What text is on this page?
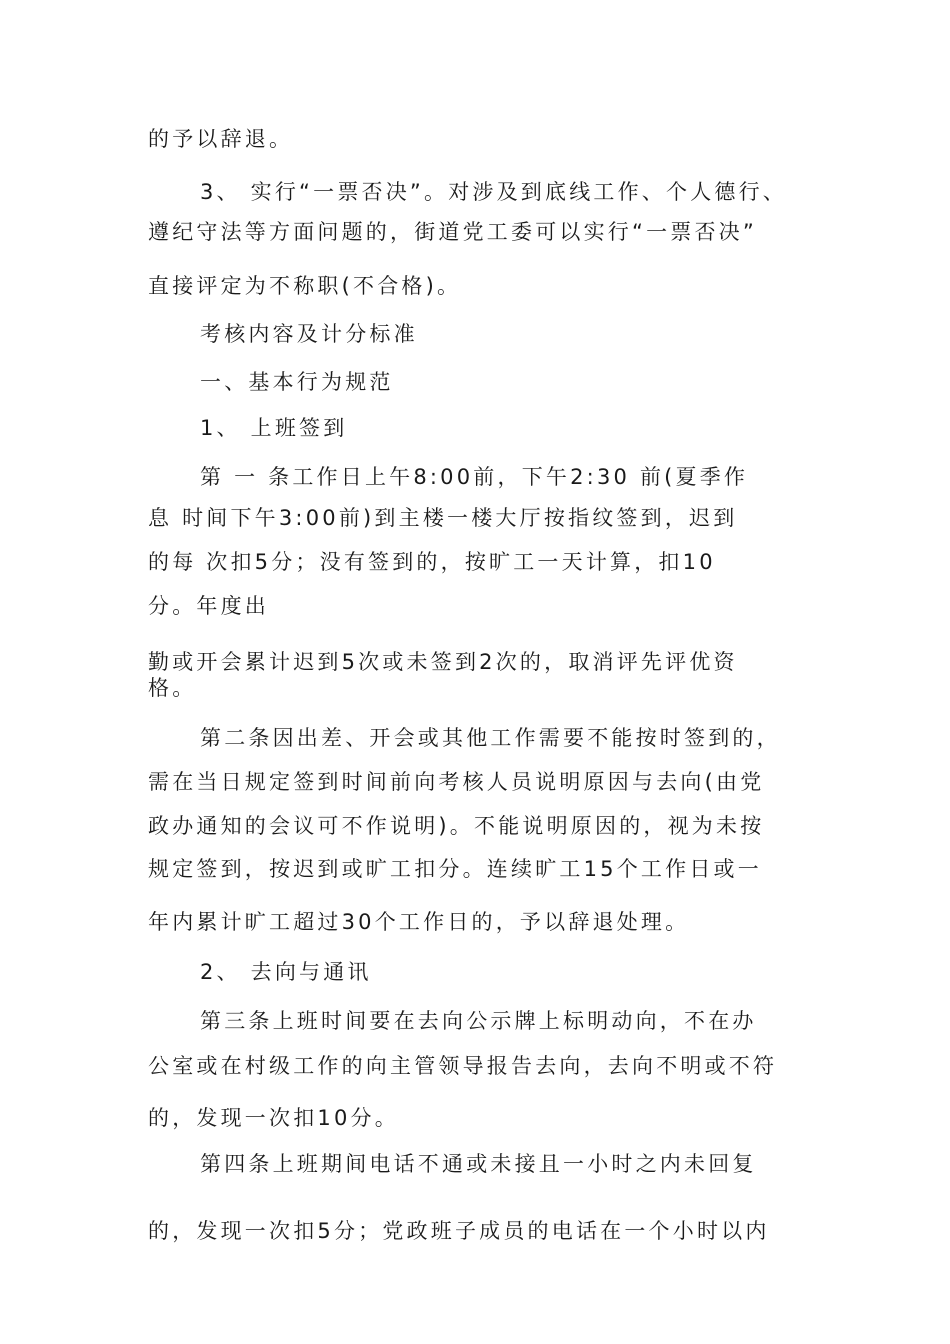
的予以辞退。
3、 实行“一票否决”。对涉及到底线工作、个人德行、
遵纪守法等方面问题的，街道党工委可以实行“一票否决”
直接评定为不称职(不合格)。
考核内容及计分标准
一、基本行为规范
1、 上班签到
第 一 条工作日上午8:00前，下午2:30 前(夏季作
息 时间下午3:00前)到主楼一楼大厅按指纹签到，迟到
的每 次扣5分；没有签到的，按旷工一天计算，扣10
分。年度出
勤或开会累计迟到5次或未签到2次的，取消评先评优资
格。
第二条因出差、开会或其他工作需要不能按时签到的，
需在当日规定签到时间前向考核人员说明原因与去向(由党
政办通知的会议可不作说明)。不能说明原因的，视为未按
规定签到，按迟到或旷工扣分。连续旷工15个工作日或一
年内累计旷工超过30个工作日的，予以辞退处理。
2、 去向与通讯
第三条上班时间要在去向公示牌上标明动向，不在办
公室或在村级工作的向主管领导报告去向，去向不明或不符
的，发现一次扣10分。
第四条上班期间电话不通或未接且一小时之内未回复
的，发现一次扣5分；党政班子成员的电话在一个小时以内
